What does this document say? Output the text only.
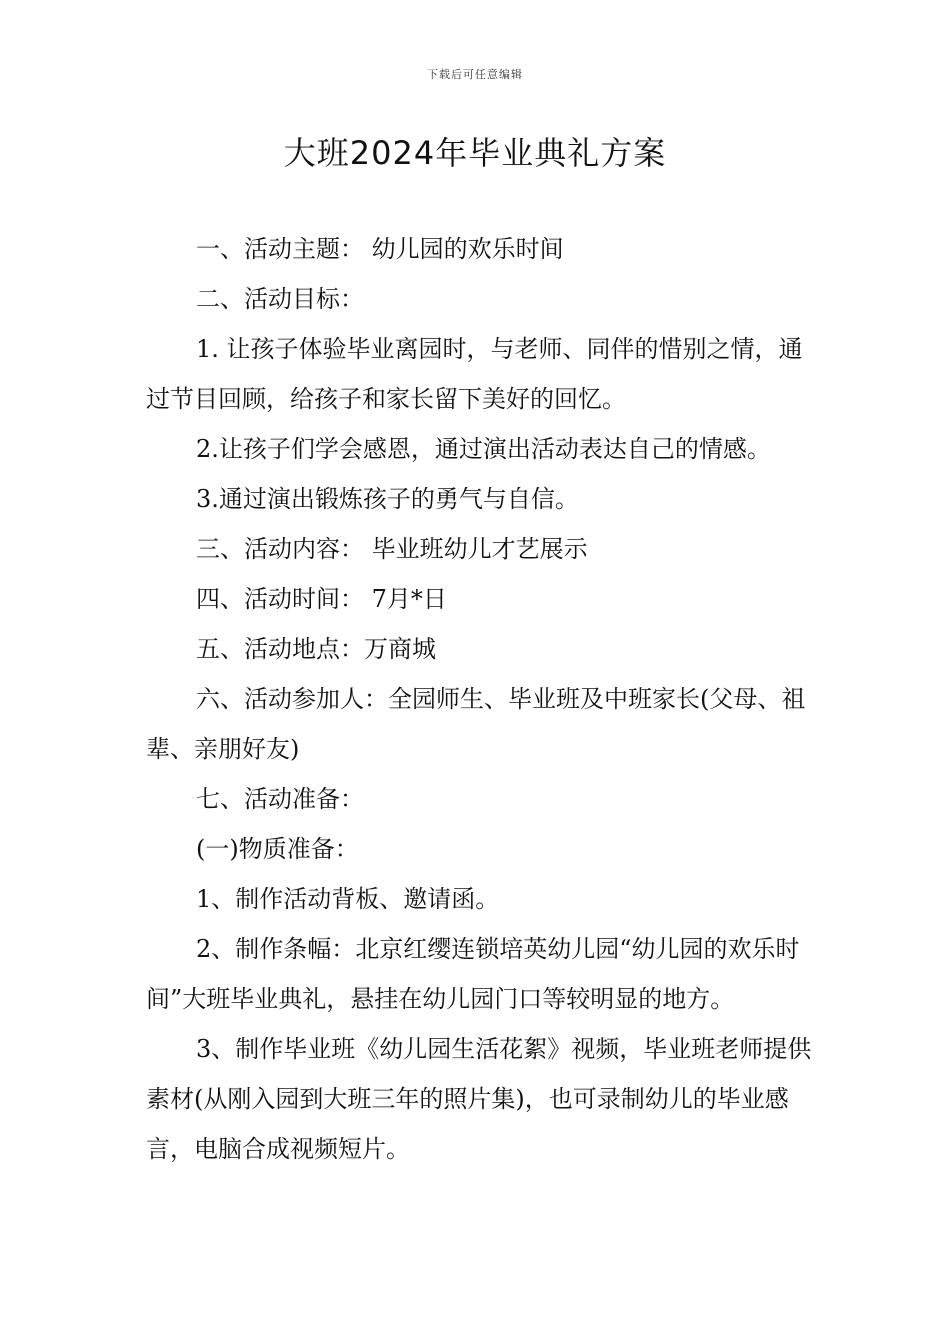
下载后可任意编辑
大班2024年毕业典礼方案

一、活动主题： 幼儿园的欢乐时间

二、活动目标：

1. 让孩子体验毕业离园时，与老师、同伴的惜别之情，通过节目回顾，给孩子和家长留下美好的回忆。

2.让孩子们学会感恩，通过演出活动表达自己的情感。

3.通过演出锻炼孩子的勇气与自信。

三、活动内容： 毕业班幼儿才艺展示

四、活动时间： 7月*日

五、活动地点：万商城

六、活动参加人：全园师生、毕业班及中班家长(父母、祖辈、亲朋好友)

七、活动准备：

(一)物质准备：

1、制作活动背板、邀请函。

2、制作条幅：北京红缨连锁培英幼儿园“幼儿园的欢乐时间”大班毕业典礼，悬挂在幼儿园门口等较明显的地方。

3、制作毕业班《幼儿园生活花絮》视频，毕业班老师提供素材(从刚入园到大班三年的照片集)，也可录制幼儿的毕业感言，电脑合成视频短片。
